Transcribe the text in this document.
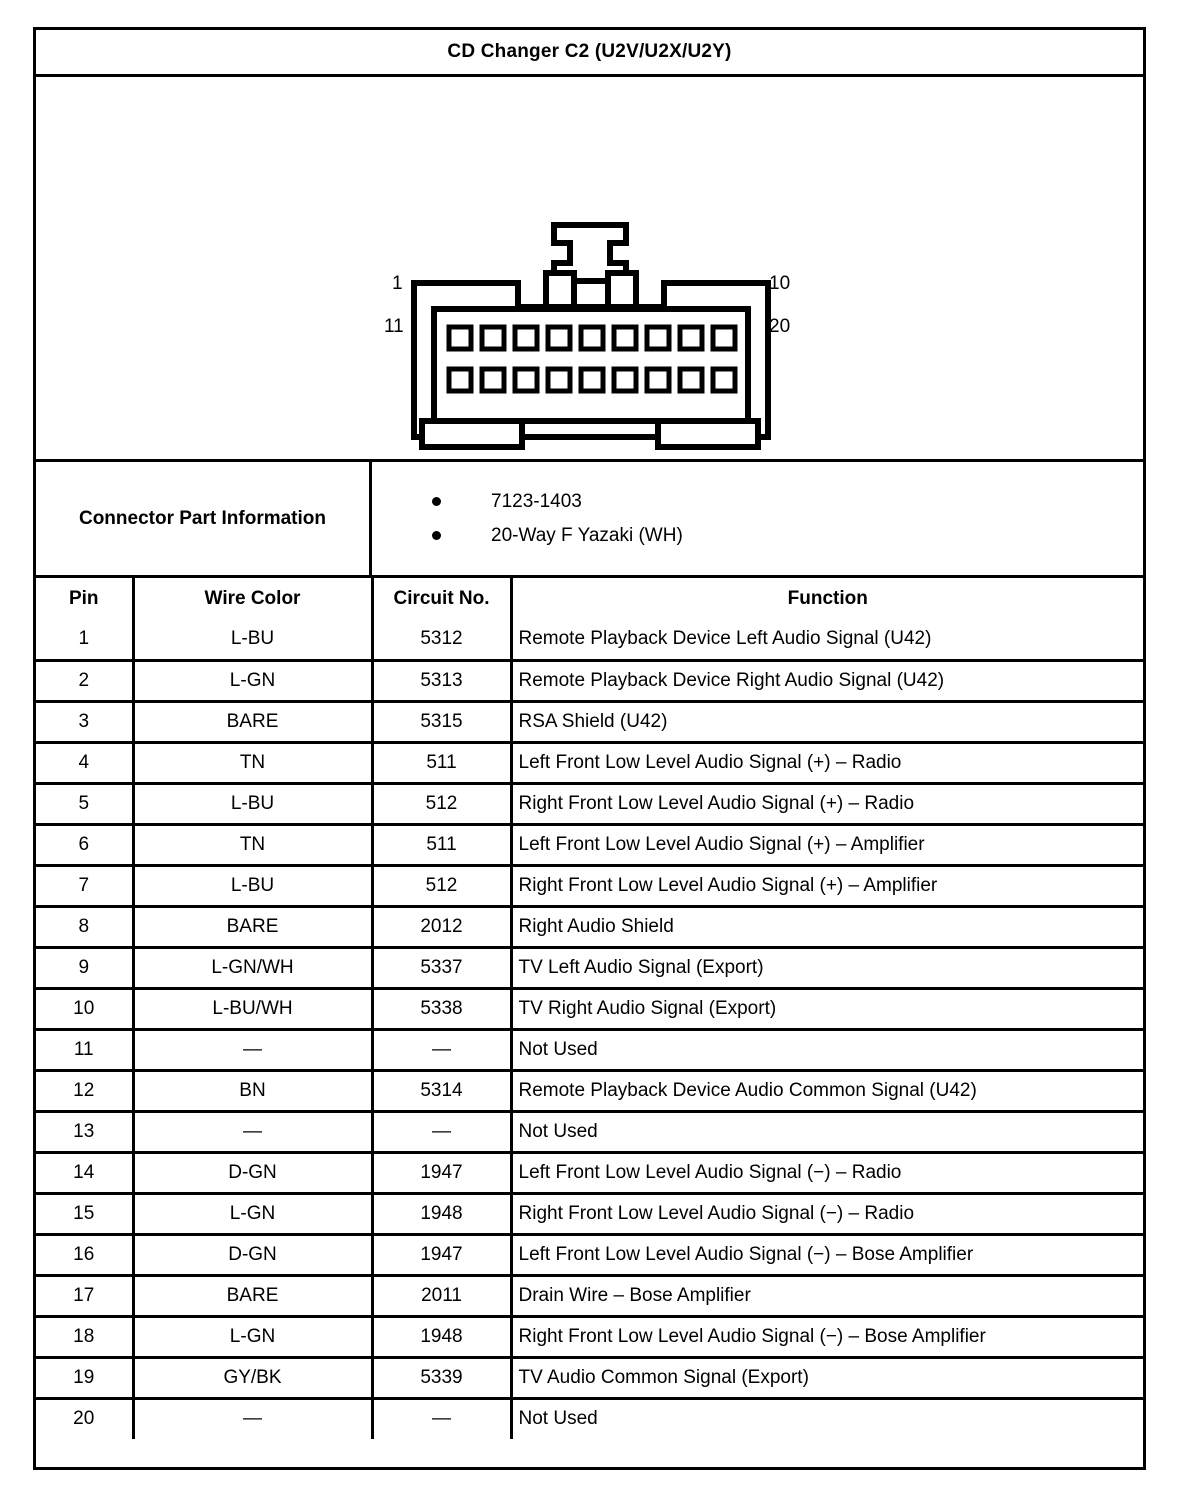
CD Changer C2 (U2V/U2X/U2Y)
1	10
11	20
Connector Part Information
7123-1403
20-Way F Yazaki (WH)
Pin	Wire Color	Circuit No.	Function
1	L-BU	5312	Remote Playback Device Left Audio Signal (U42)
2	L-GN	5313	Remote Playback Device Right Audio Signal (U42)
3	BARE	5315	RSA Shield (U42)
4	TN	511	Left Front Low Level Audio Signal (+) – Radio
5	L-BU	512	Right Front Low Level Audio Signal (+) – Radio
6	TN	511	Left Front Low Level Audio Signal (+) – Amplifier
7	L-BU	512	Right Front Low Level Audio Signal (+) – Amplifier
8	BARE	2012	Right Audio Shield
9	L-GN/WH	5337	TV Left Audio Signal (Export)
10	L-BU/WH	5338	TV Right Audio Signal (Export)
11	—	—	Not Used
12	BN	5314	Remote Playback Device Audio Common Signal (U42)
13	—	—	Not Used
14	D-GN	1947	Left Front Low Level Audio Signal (−) – Radio
15	L-GN	1948	Right Front Low Level Audio Signal (−) – Radio
16	D-GN	1947	Left Front Low Level Audio Signal (−) – Bose Amplifier
17	BARE	2011	Drain Wire – Bose Amplifier
18	L-GN	1948	Right Front Low Level Audio Signal (−) – Bose Amplifier
19	GY/BK	5339	TV Audio Common Signal (Export)
20	—	—	Not Used
